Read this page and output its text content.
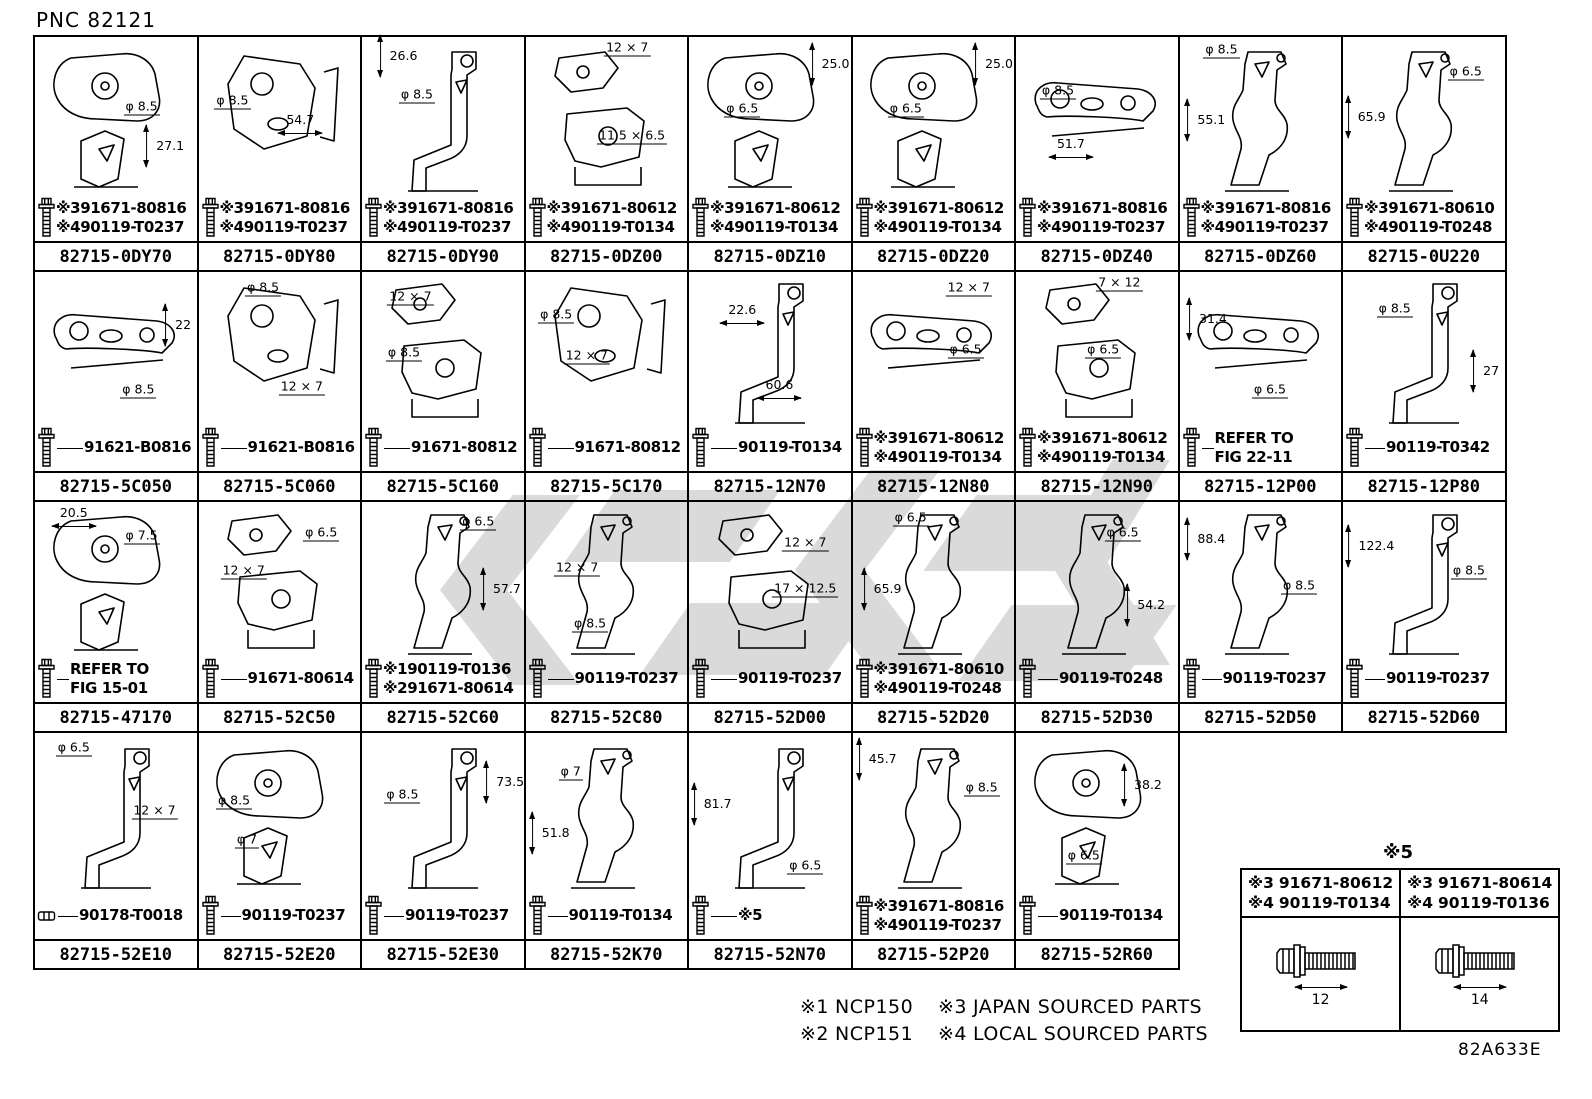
PNC 82121
φ 8.5
27.1
※3 91671-80816
※4 90119-T0237
82715-0DY70
φ 8.5
54.7
※3 91671-80816
※4 90119-T0237
82715-0DY80
26.6
φ 8.5
※3 91671-80816
※4 90119-T0237
82715-0DY90
12 × 7
11.5 × 6.5
※3 91671-80612
※4 90119-T0134
82715-0DZ00
25.0
φ 6.5
※3 91671-80612
※4 90119-T0134
82715-0DZ10
25.0
φ 6.5
※3 91671-80612
※4 90119-T0134
82715-0DZ20
φ 8.5
51.7
※3 91671-80816
※4 90119-T0237
82715-0DZ40
φ 8.5
55.1
※3 91671-80816
※4 90119-T0237
82715-0DZ60
65.9
φ 6.5
※3 91671-80610
※4 90119-T0248
82715-0U220
22
φ 8.5
91621-B0816
82715-5C050
φ 8.5
12 × 7
91621-B0816
82715-5C060
12 × 7
φ 8.5
91671-80812
82715-5C160
φ 8.5
12 × 7
91671-80812
82715-5C170
22.6
60.6
90119-T0134
82715-12N70
12 × 7
φ 6.5
※3 91671-80612
※4 90119-T0134
82715-12N80
7 × 12
φ 6.5
※3 91671-80612
※4 90119-T0134
82715-12N90
31.4
φ 6.5
REFER TO
FIG 22-11
82715-12P00
φ 8.5
27
90119-T0342
82715-12P80
20.5
φ 7.5
REFER TO
FIG 15-01
82715-47170
φ 6.5
12 × 7
91671-80614
82715-52C50
φ 6.5
57.7
※1 90119-T0136
※2 91671-80614
82715-52C60
12 × 7
φ 8.5
90119-T0237
82715-52C80
12 × 7
17 × 12.5
90119-T0237
82715-52D00
φ 6.5
65.9
※3 91671-80610
※4 90119-T0248
82715-52D20
φ 6.5
54.2
90119-T0248
82715-52D30
88.4
φ 8.5
90119-T0237
82715-52D50
122.4
φ 8.5
90119-T0237
82715-52D60
φ 6.5
12 × 7
90178-T0018
82715-52E10
φ 8.5
φ 7
90119-T0237
82715-52E20
φ 8.5
73.5
90119-T0237
82715-52E30
φ 7
51.8
90119-T0134
82715-52K70
81.7
φ 6.5
※5
82715-52N70
45.7
φ 8.5
※3 91671-80816
※4 90119-T0237
82715-52P20
38.2
φ 6.5
90119-T0134
82715-52R60
※5
※3 91671-80612
※4 90119-T0134
12
※3 91671-80614
※4 90119-T0136
14
※1 NCP150
※2 NCP151
※3 JAPAN SOURCED PARTS
※4 LOCAL SOURCED PARTS
82A633E
